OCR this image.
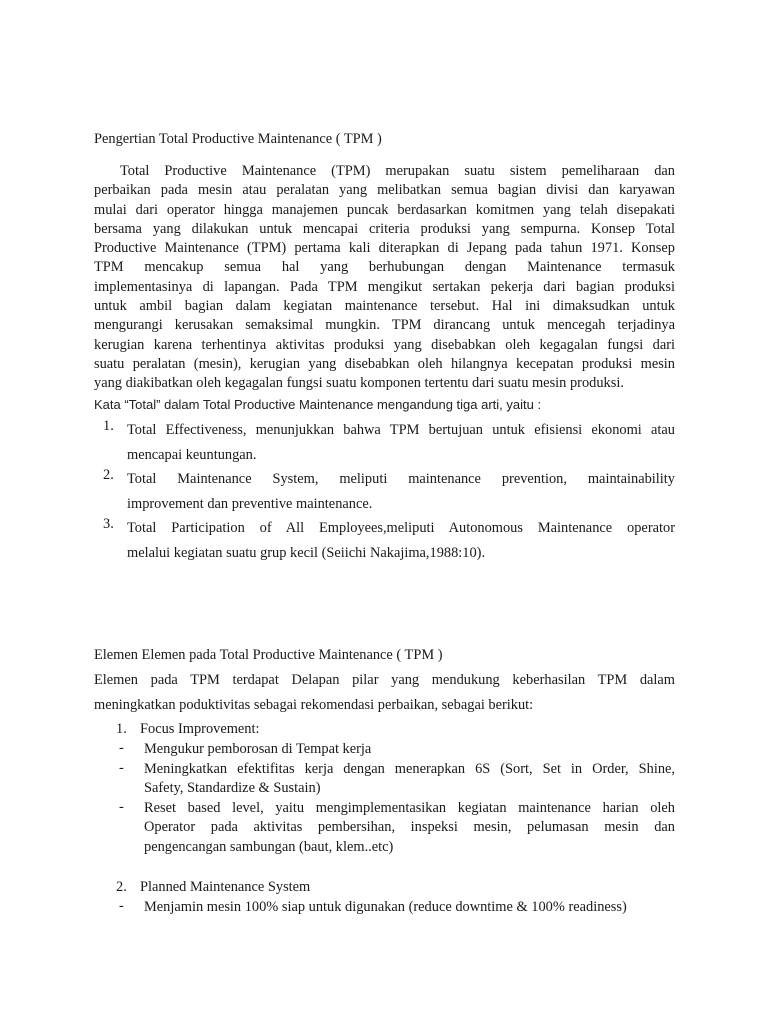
Pengertian Total Productive Maintenance ( TPM )
Total Productive Maintenance (TPM) merupakan suatu sistem pemeliharaan dan
perbaikan pada mesin atau peralatan yang melibatkan semua bagian divisi dan karyawan
mulai dari operator hingga manajemen puncak berdasarkan komitmen yang telah disepakati
bersama yang dilakukan untuk mencapai criteria produksi yang sempurna. Konsep Total
Productive Maintenance (TPM) pertama kali diterapkan di Jepang pada tahun 1971. Konsep
TPM mencakup semua hal yang berhubungan dengan Maintenance termasuk
implementasinya di lapangan. Pada TPM mengikut sertakan pekerja dari bagian produksi
untuk ambil bagian dalam kegiatan maintenance tersebut. Hal ini dimaksudkan untuk
mengurangi kerusakan semaksimal mungkin. TPM dirancang untuk mencegah terjadinya
kerugian karena terhentinya aktivitas produksi yang disebabkan oleh kegagalan fungsi dari
suatu peralatan (mesin), kerugian yang disebabkan oleh hilangnya kecepatan produksi mesin
yang diakibatkan oleh kegagalan fungsi suatu komponen tertentu dari suatu mesin produksi.
Kata “Total” dalam Total Productive Maintenance mengandung tiga arti, yaitu :
1. Total Effectiveness, menunjukkan bahwa TPM bertujuan untuk efisiensi ekonomi atau
mencapai keuntungan.
2. Total Maintenance System, meliputi maintenance prevention, maintainability
improvement dan preventive maintenance.
3. Total Participation of All Employees,meliputi Autonomous Maintenance operator
melalui kegiatan suatu grup kecil (Seiichi Nakajima,1988:10).
Elemen Elemen pada Total Productive Maintenance ( TPM )
Elemen pada TPM terdapat Delapan pilar yang mendukung keberhasilan TPM dalam
meningkatkan poduktivitas sebagai rekomendasi perbaikan, sebagai berikut:
1. Focus Improvement:
- Mengukur pemborosan di Tempat kerja
- Meningkatkan efektifitas kerja dengan menerapkan 6S (Sort, Set in Order, Shine,
Safety, Standardize & Sustain)
- Reset based level, yaitu mengimplementasikan kegiatan maintenance harian oleh
Operator pada aktivitas pembersihan, inspeksi mesin, pelumasan mesin dan
pengencangan sambungan (baut, klem..etc)
2. Planned Maintenance System
- Menjamin mesin 100% siap untuk digunakan (reduce downtime & 100% readiness)
